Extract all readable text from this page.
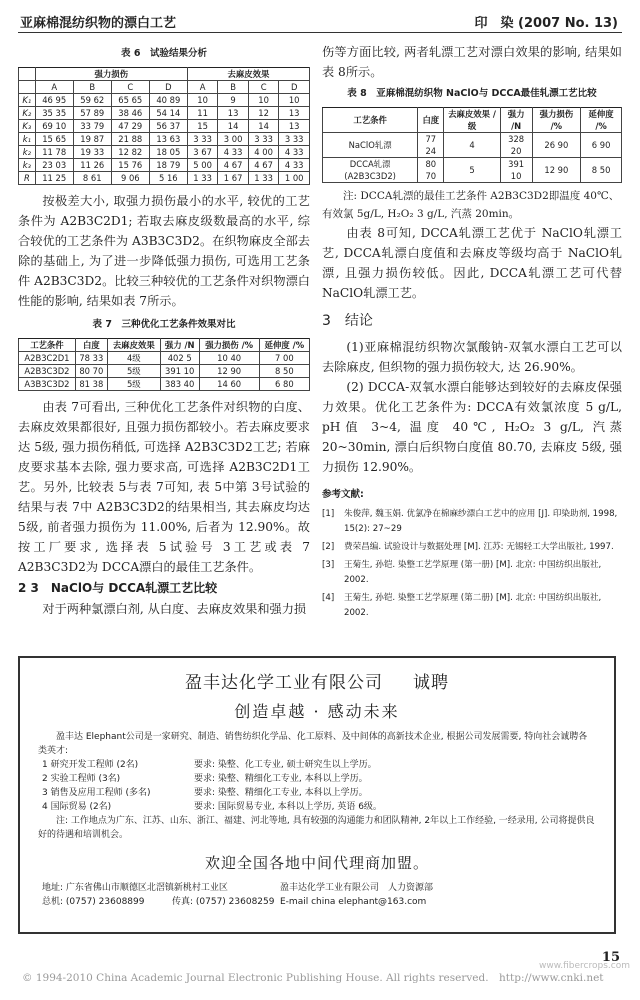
亚麻棉混纺织物的漂白工艺	印　染 (2007 No. 13)
表 6　试验结果分析
	强力损伤				去麻皮效果			
	A	B	C	D	A	B	C	D
K₁	46 95	59 62	65 65	40 89	10	9	10	10
K₂	35 35	57 89	38 46	54 14	11	13	12	13
K₃	69 10	33 79	47 29	56 37	15	14	14	13
k₁	15 65	19 87	21 88	13 63	3 33	3 00	3 33	3 33
k₂	11 78	19 33	12 82	18 05	3 67	4 33	4 00	4 33
k₃	23 03	11 26	15 76	18 79	5 00	4 67	4 67	4 33
R	11 25	8 61	9 06	5 16	1 33	1 67	1 33	1 00

按极差大小, 取强力损伤最小的水平, 较优的工艺条件为 A2B3C2D1; 若取去麻皮级数最高的水平, 综合较优的工艺条件为 A3B3C3D2。在织物麻皮全部去除的基础上, 为了进一步降低强力损伤, 可选用工艺条件 A2B3C3D2。比较三种较优的工艺条件对织物漂白性能的影响, 结果如表 7所示。

表 7　三种优化工艺条件效果对比
工艺条件	白度	去麻皮效果	强力 /N	强力损伤 /%	延伸度 /%
A2B3C2D1	78 33	4级	402 5	10 40	7 00
A2B3C3D2	80 70	5级	391 10	12 90	8 50
A3B3C3D2	81 38	5级	383 40	14 60	6 80

由表 7可看出, 三种优化工艺条件对织物的白度、去麻皮效果都很好, 且强力损伤都较小。若去麻皮要求达 5级, 强力损伤稍低, 可选择 A2B3C3D2工艺; 若麻皮要求基本去除, 强力要求高, 可选择 A2B3C2D1工艺。另外, 比较表 5与表 7可知, 表 5中第 3号试验的结果与表 7中 A2B3C3D2的结果相当, 其去麻皮均达 5级, 前者强力损伤为 11.00%, 后者为 12.90%。故按工厂要求, 选择表 5试验号 3工艺或表 7 A2B3C3D2为 DCCA漂白的最佳工艺条件。

2 3　NaClO与 DCCA轧漂工艺比较

对于两种氯漂白剂, 从白度、去麻皮效果和强力损

伤等方面比较, 两者轧漂工艺对漂白效果的影响, 结果如表 8所示。

表 8　亚麻棉混纺织物 NaClO与 DCCA最佳轧漂工艺比较
工艺条件	白度	去麻皮效果 /级	强力 /N	强力损伤 /%	延伸度 /%
NaClO轧漂	77 24	4	328 20	26 90	6 90
DCCA轧漂 (A2B3C3D2)	80 70	5	391 10	12 90	8 50

注: DCCA轧漂的最佳工艺条件 A2B3C3D2即温度 40℃、有效氯 5g/L, H₂O₂ 3 g/L, 汽蒸 20min。

由表 8可知, DCCA轧漂工艺优于 NaClO轧漂工艺, DCCA轧漂白度值和去麻皮等级均高于 NaClO轧漂, 且强力损伤较低。因此, DCCA轧漂工艺可代替 NaClO轧漂工艺。

3　结论

(1)亚麻棉混纺织物次氯酸钠-双氧水漂白工艺可以去除麻皮, 但织物的强力损伤较大, 达 26.90%。

(2) DCCA-双氧水漂白能够达到较好的去麻皮保强力效果。优化工艺条件为: DCCA有效氯浓度 5 g/L, pH值 3~4, 温度 40℃, H₂O₂ 3 g/L, 汽蒸 20~30min, 漂白后织物白度值 80.70, 去麻皮 5级, 强力损伤 12.90%。

参考文献:
[1]	朱俊萍, 魏玉娟. 优氯净在棉麻纱漂白工艺中的应用 [J]. 印染助剂, 1998, 15(2): 27~29
[2]	费荣昌编. 试验设计与数据处理 [M]. 江苏: 无锡轻工大学出版社, 1997.
[3]	王菊生, 孙铠. 染整工艺学原理 (第一册) [M]. 北京: 中国纺织出版社, 2002.
[4]	王菊生, 孙铠. 染整工艺学原理 (第二册) [M]. 北京: 中国纺织出版社, 2002.
盈丰达化学工业有限公司 诚聘
创造卓越 · 感动未来
盈丰达 Elephant公司是一家研究、制造、销售纺织化学品、化工原料、及中间体的高新技术企业, 根据公司发展需要, 特向社会诚聘各类英才:
1 研究开发工程师 (2名)	要求: 染整、化工专业, 硕士研究生以上学历。
2 实验工程师 (3名)	要求: 染整、精细化工专业, 本科以上学历。
3 销售及应用工程师 (多名)	要求: 染整、精细化工专业, 本科以上学历。
4 国际贸易 (2名)	要求: 国际贸易专业, 本科以上学历, 英语 6级。
注: 工作地点为广东、江苏、山东、浙江、福建、河北等地, 具有较强的沟通能力和团队精神, 2年以上工作经验, 一经录用, 公司将提供良好的待遇和培训机会。
欢迎全国各地中间代理商加盟。
地址: 广东省佛山市顺德区北滘镇新桃村工业区	盈丰达化学工业有限公司　人力资源部
总机: (0757) 23608899	传真: (0757) 23608259 E-mail china elephant@163.com
15
© 1994-2010 China Academic Journal Electronic Publishing House. All rights reserved.　http://www.cnki.net
www.fibercrops.com
